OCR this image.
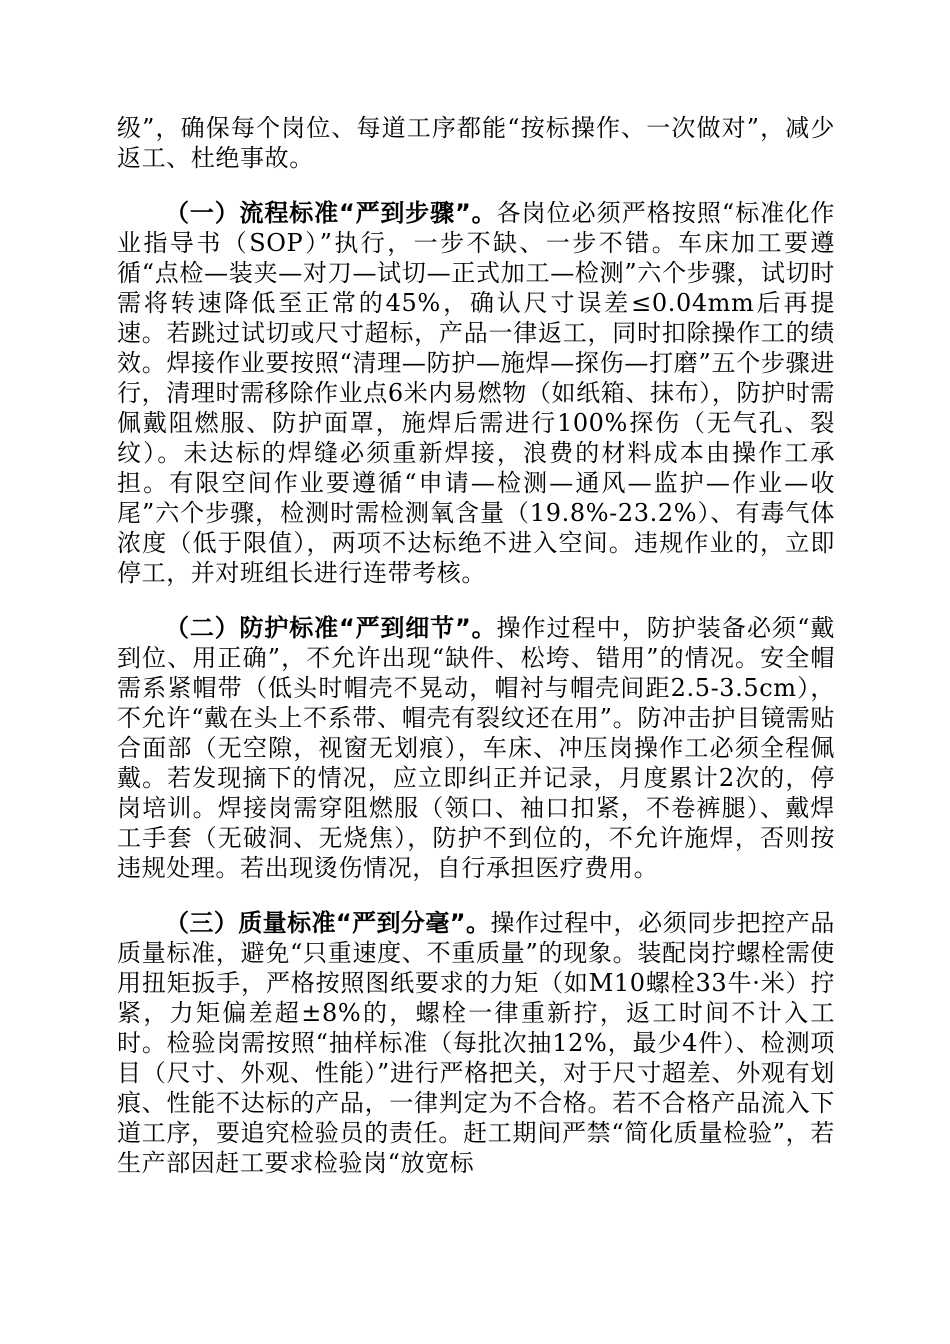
级”，确保每个岗位、每道工序都能“按标操作、一次做对”，减少返工、杜绝事故。

（一）流程标准“严到步骤”。各岗位必须严格按照“标准化作业指导书（SOP）”执行，一步不缺、一步不错。车床加工要遵循“点检—装夹—对刀—试切—正式加工—检测”六个步骤，试切时需将转速降低至正常的45%，确认尺寸误差≤0.04mm后再提速。若跳过试切或尺寸超标，产品一律返工，同时扣除操作工的绩效。焊接作业要按照“清理—防护—施焊—探伤—打磨”五个步骤进行，清理时需移除作业点6米内易燃物（如纸箱、抹布），防护时需佩戴阻燃服、防护面罩，施焊后需进行100%探伤（无气孔、裂纹）。未达标的焊缝必须重新焊接，浪费的材料成本由操作工承担。有限空间作业要遵循“申请—检测—通风—监护—作业—收尾”六个步骤，检测时需检测氧含量（19.8%-23.2%）、有毒气体浓度（低于限值），两项不达标绝不进入空间。违规作业的，立即停工，并对班组长进行连带考核。

（二）防护标准“严到细节”。操作过程中，防护装备必须“戴到位、用正确”，不允许出现“缺件、松垮、错用”的情况。安全帽需系紧帽带（低头时帽壳不晃动，帽衬与帽壳间距2.5-3.5cm），不允许“戴在头上不系带、帽壳有裂纹还在用”。防冲击护目镜需贴合面部（无空隙，视窗无划痕），车床、冲压岗操作工必须全程佩戴。若发现摘下的情况，应立即纠正并记录，月度累计2次的，停岗培训。焊接岗需穿阻燃服（领口、袖口扣紧，不卷裤腿）、戴焊工手套（无破洞、无烧焦），防护不到位的，不允许施焊，否则按违规处理。若出现烫伤情况，自行承担医疗费用。

（三）质量标准“严到分毫”。操作过程中，必须同步把控产品质量标准，避免“只重速度、不重质量”的现象。装配岗拧螺栓需使用扭矩扳手，严格按照图纸要求的力矩（如M10螺栓33牛·米）拧紧，力矩偏差超±8%的，螺栓一律重新拧，返工时间不计入工时。检验岗需按照“抽样标准（每批次抽12%，最少4件）、检测项目（尺寸、外观、性能）”进行严格把关，对于尺寸超差、外观有划痕、性能不达标的产品，一律判定为不合格。若不合格产品流入下道工序，要追究检验员的责任。赶工期间严禁“简化质量检验”，若生产部因赶工要求检验岗“放宽标
